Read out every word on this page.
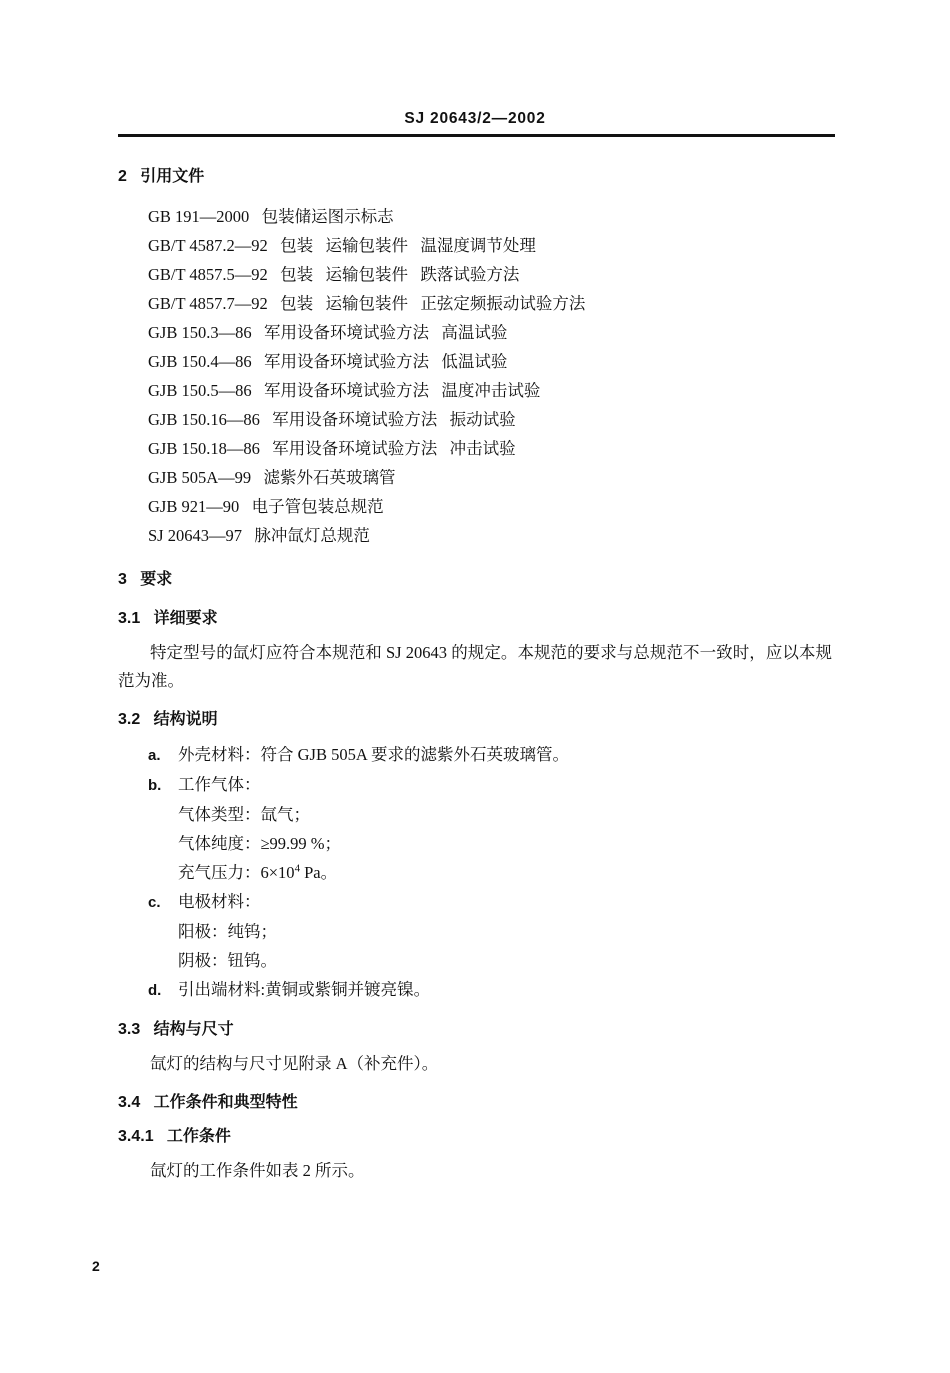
SJ 20643/2—2002
2   引用文件
GB 191—2000   包装储运图示标志
GB/T 4587.2—92   包装   运输包装件   温湿度调节处理
GB/T 4857.5—92   包装   运输包装件   跌落试验方法
GB/T 4857.7—92   包装   运输包装件   正弦定频振动试验方法
GJB 150.3—86   军用设备环境试验方法   高温试验
GJB 150.4—86   军用设备环境试验方法   低温试验
GJB 150.5—86   军用设备环境试验方法   温度冲击试验
GJB 150.16—86   军用设备环境试验方法   振动试验
GJB 150.18—86   军用设备环境试验方法   冲击试验
GJB 505A—99   滤紫外石英玻璃管
GJB 921—90   电子管包装总规范
SJ 20643—97   脉冲氙灯总规范
3   要求
3.1   详细要求

特定型号的氙灯应符合本规范和 SJ 20643 的规定。本规范的要求与总规范不一致时，应以本规范为准。

3.2   结构说明
a. 外壳材料：符合 GJB 505A 要求的滤紫外石英玻璃管。
b. 工作气体：
气体类型：氙气；
气体纯度：≥99.99 %；
充气压力：$6\times 10^4$ Pa。
c. 电极材料：
阳极：纯钨；
阴极：钮钨。
d. 引出端材料:黄铜或紫铜并镀亮镍。
3.3   结构与尺寸

氙灯的结构与尺寸见附录 A（补充件）。

3.4   工作条件和典型特性
3.4.1   工作条件

氙灯的工作条件如表 2 所示。

2
